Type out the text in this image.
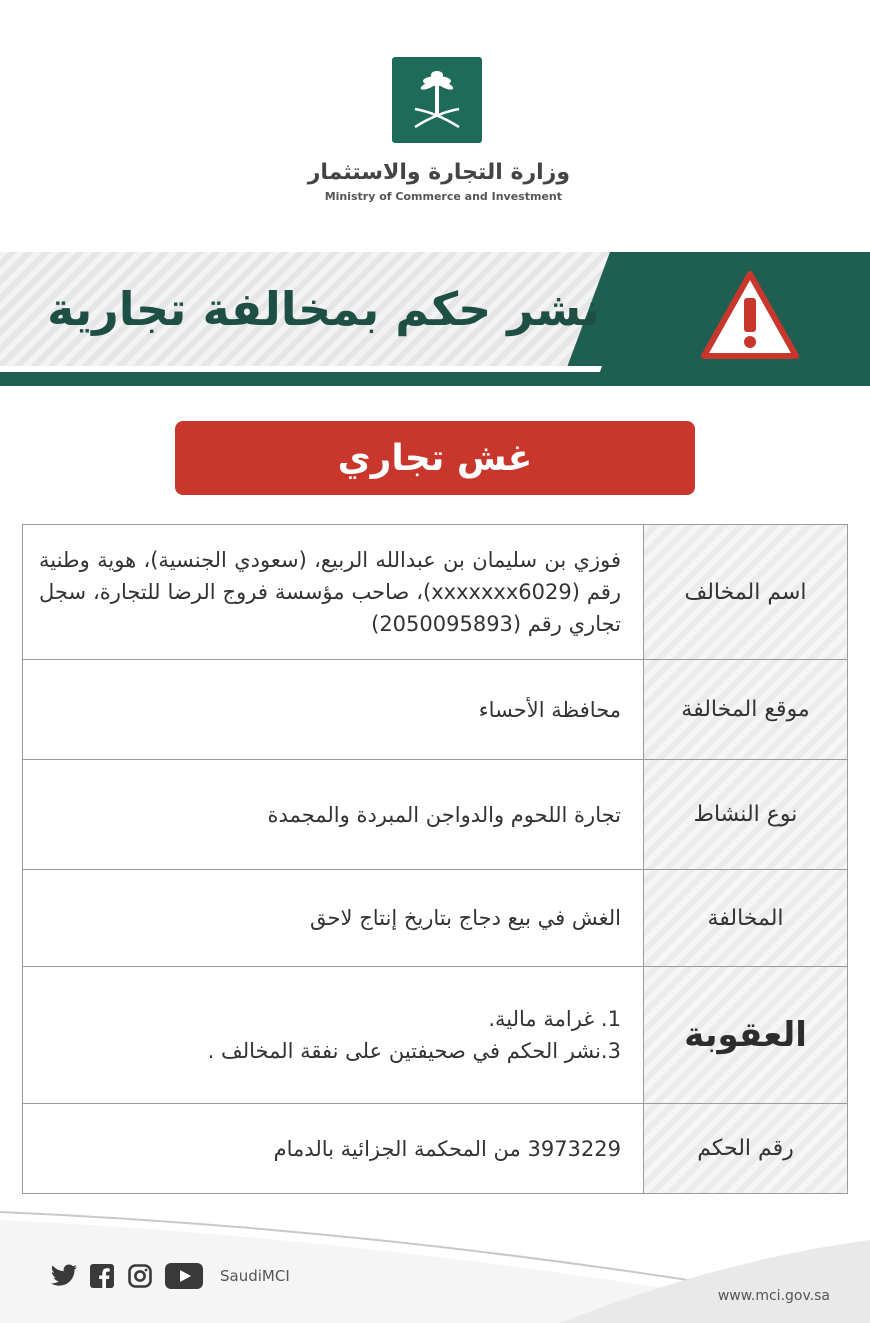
وزارة التجارة والاستثمار
Ministry of Commerce and Investment
نشر حكم بمخالفة تجارية
غش تجاري
اسم المخالف
فوزي بن سليمان بن عبدالله الربيع، (سعودي الجنسية)، هوية وطنية رقم (xxxxxxx6029)، صاحب مؤسسة فروج الرضا للتجارة، سجل تجاري رقم (2050095893)
موقع المخالفة
محافظة الأحساء
نوع النشاط
تجارة اللحوم والدواجن المبردة والمجمدة
المخالفة
الغش في بيع دجاج بتاريخ إنتاج لاحق
العقوبة
1. غرامة مالية.
3.نشر الحكم في صحيفتين على نفقة المخالف .
رقم الحكم
3973229 من المحكمة الجزائية بالدمام
SaudiMCI
www.mci.gov.sa
